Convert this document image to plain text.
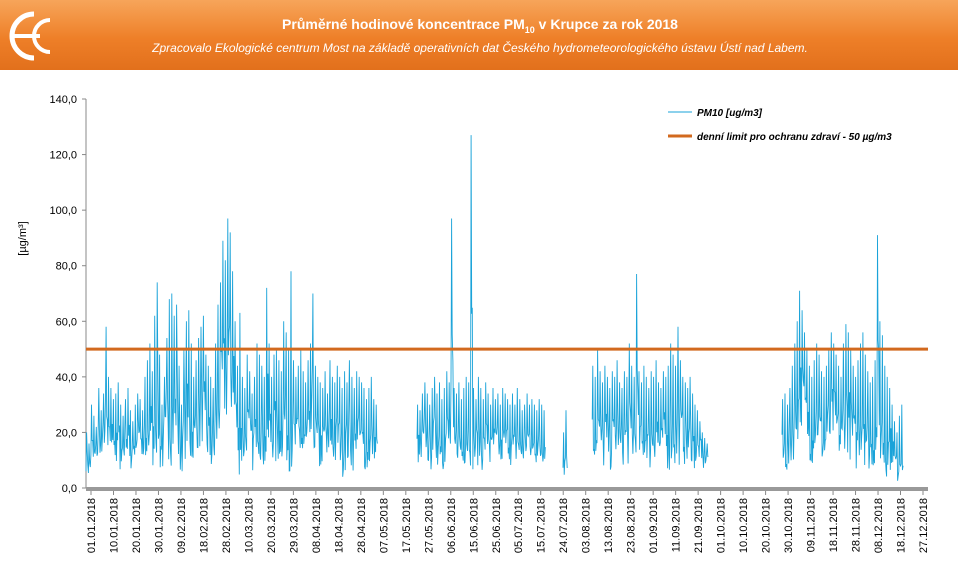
Průměrné hodinové koncentrace $PM_{10}$ v Krupce za rok 2018
Zpracovalo Ekologické centrum Most na základě operativních dat Českého hydrometeorologického ústavu Ústí nad Labem.
0,0
20,0
40,0
60,0
80,0
100,0
120,0
140,0
01.01.2018 10.01.2018 20.01.2018 30.01.2018 09.02.2018 18.02.2018 28.02.2018 10.03.2018 20.03.2018 29.03.2018 08.04.2018 18.04.2018 28.04.2018 07.05.2018 17.05.2018 27.05.2018 06.06.2018 15.06.2018 25.06.2018 05.07.2018 15.07.2018 24.07.2018 03.08.2018 13.08.2018 23.08.2018 01.09.2018 11.09.2018 21.09.2018 01.10.2018 10.10.2018 20.10.2018 30.10.2018 09.11.2018 18.11.2018 28.11.2018 08.12.2018 18.12.2018 27.12.2018
[µg/m³]
PM10 [ug/m3]
denní limit pro ochranu zdraví - 50 µg/m3
